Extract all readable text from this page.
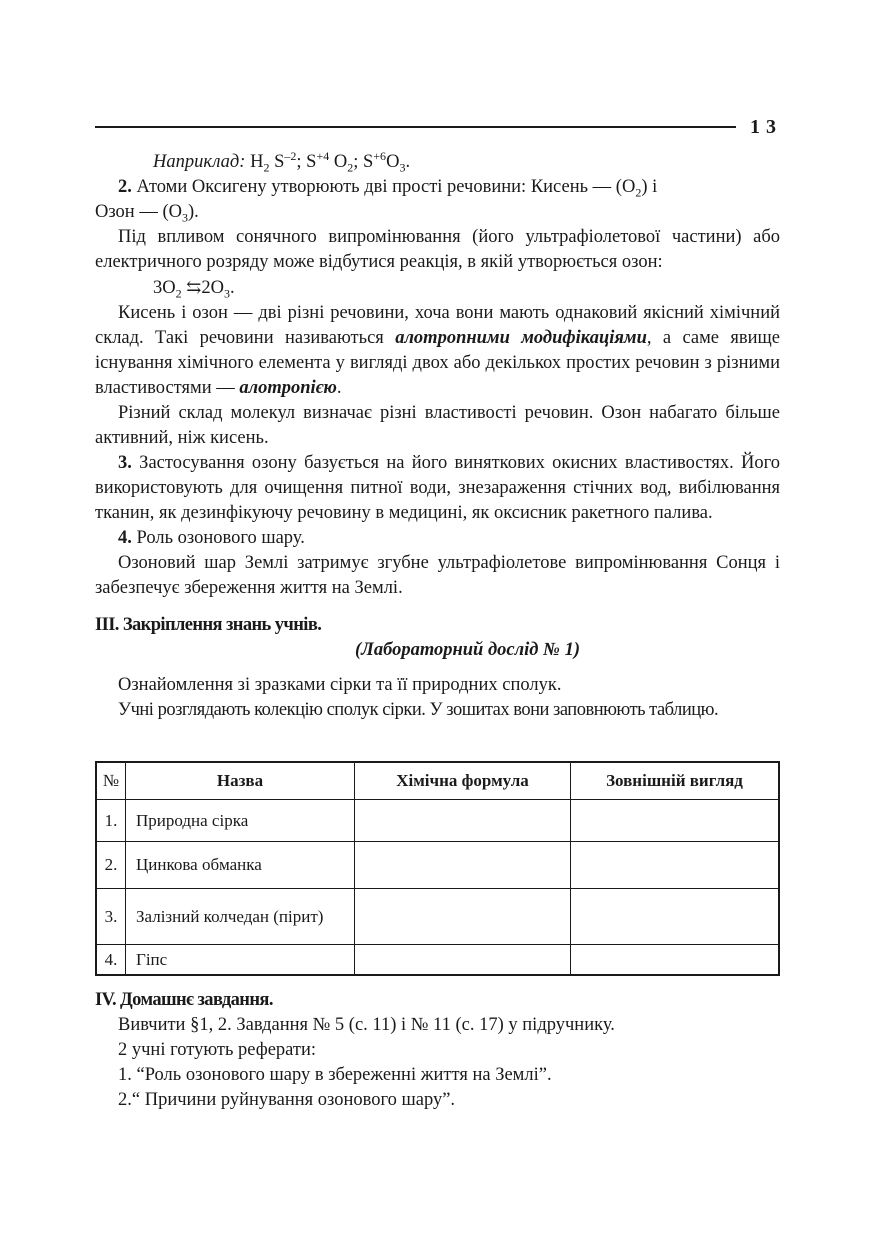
13

Наприклад: $H_2$ $S^{-2}$; $S^{+4}$ $O_2$; $S^{+6}O_3$.

2. Атоми Оксигену утворюють дві прості речовини: Кисень — $(O_2)$ і

Озон — $(O_3)$.

Під впливом сонячного випромінювання (його ультрафіолетової частини) або електричного розряду може відбутися реакція, в якій утворюється озон:

$3O_2$ $⇆2O_3$.

Кисень і озон — дві різні речовини, хоча вони мають однаковий якісний хімічний склад. Такі речовини називаються алотропними модифікаціями, а саме явище існування хімічного елемента у вигляді двох або декількох простих речовин з різними властивостями — алотропією.

Різний склад молекул визначає різні властивості речовин. Озон набагато більше активний, ніж кисень.

3. Застосування озону базується на його виняткових окисних властивостях. Його використовують для очищення питної води, знезараження стічних вод, вибілювання тканин, як дезинфікуючу речовину в медицині, як оксисник ракетного палива.

4. Роль озонового шару.

Озоновий шар Землі затримує згубне ультрафіолетове випромінювання Сонця і забезпечує збереження життя на Землі.

ІІІ. Закріплення знань учнів.

(Лабораторний дослід № 1)

Ознайомлення зі зразками сірки та її природних сполук.

Учні розглядають колекцію сполук сірки. У зошитах вони заповнюють таблицю.

№	Назва	Хімічна формула	Зовнішній вигляд
1.	Природна сірка		
2.	Цинкова обманка		
3.	Залізний колчедан (пірит)		
4.	Гіпс		

IV. Домашнє завдання.

Вивчити §1, 2. Завдання № 5 (с. 11) і № 11 (с. 17) у підручнику.

2 учні готують реферати:

1. “Роль озонового шару в збереженні життя на Землі”.

2.“ Причини руйнування озонового шару”.
